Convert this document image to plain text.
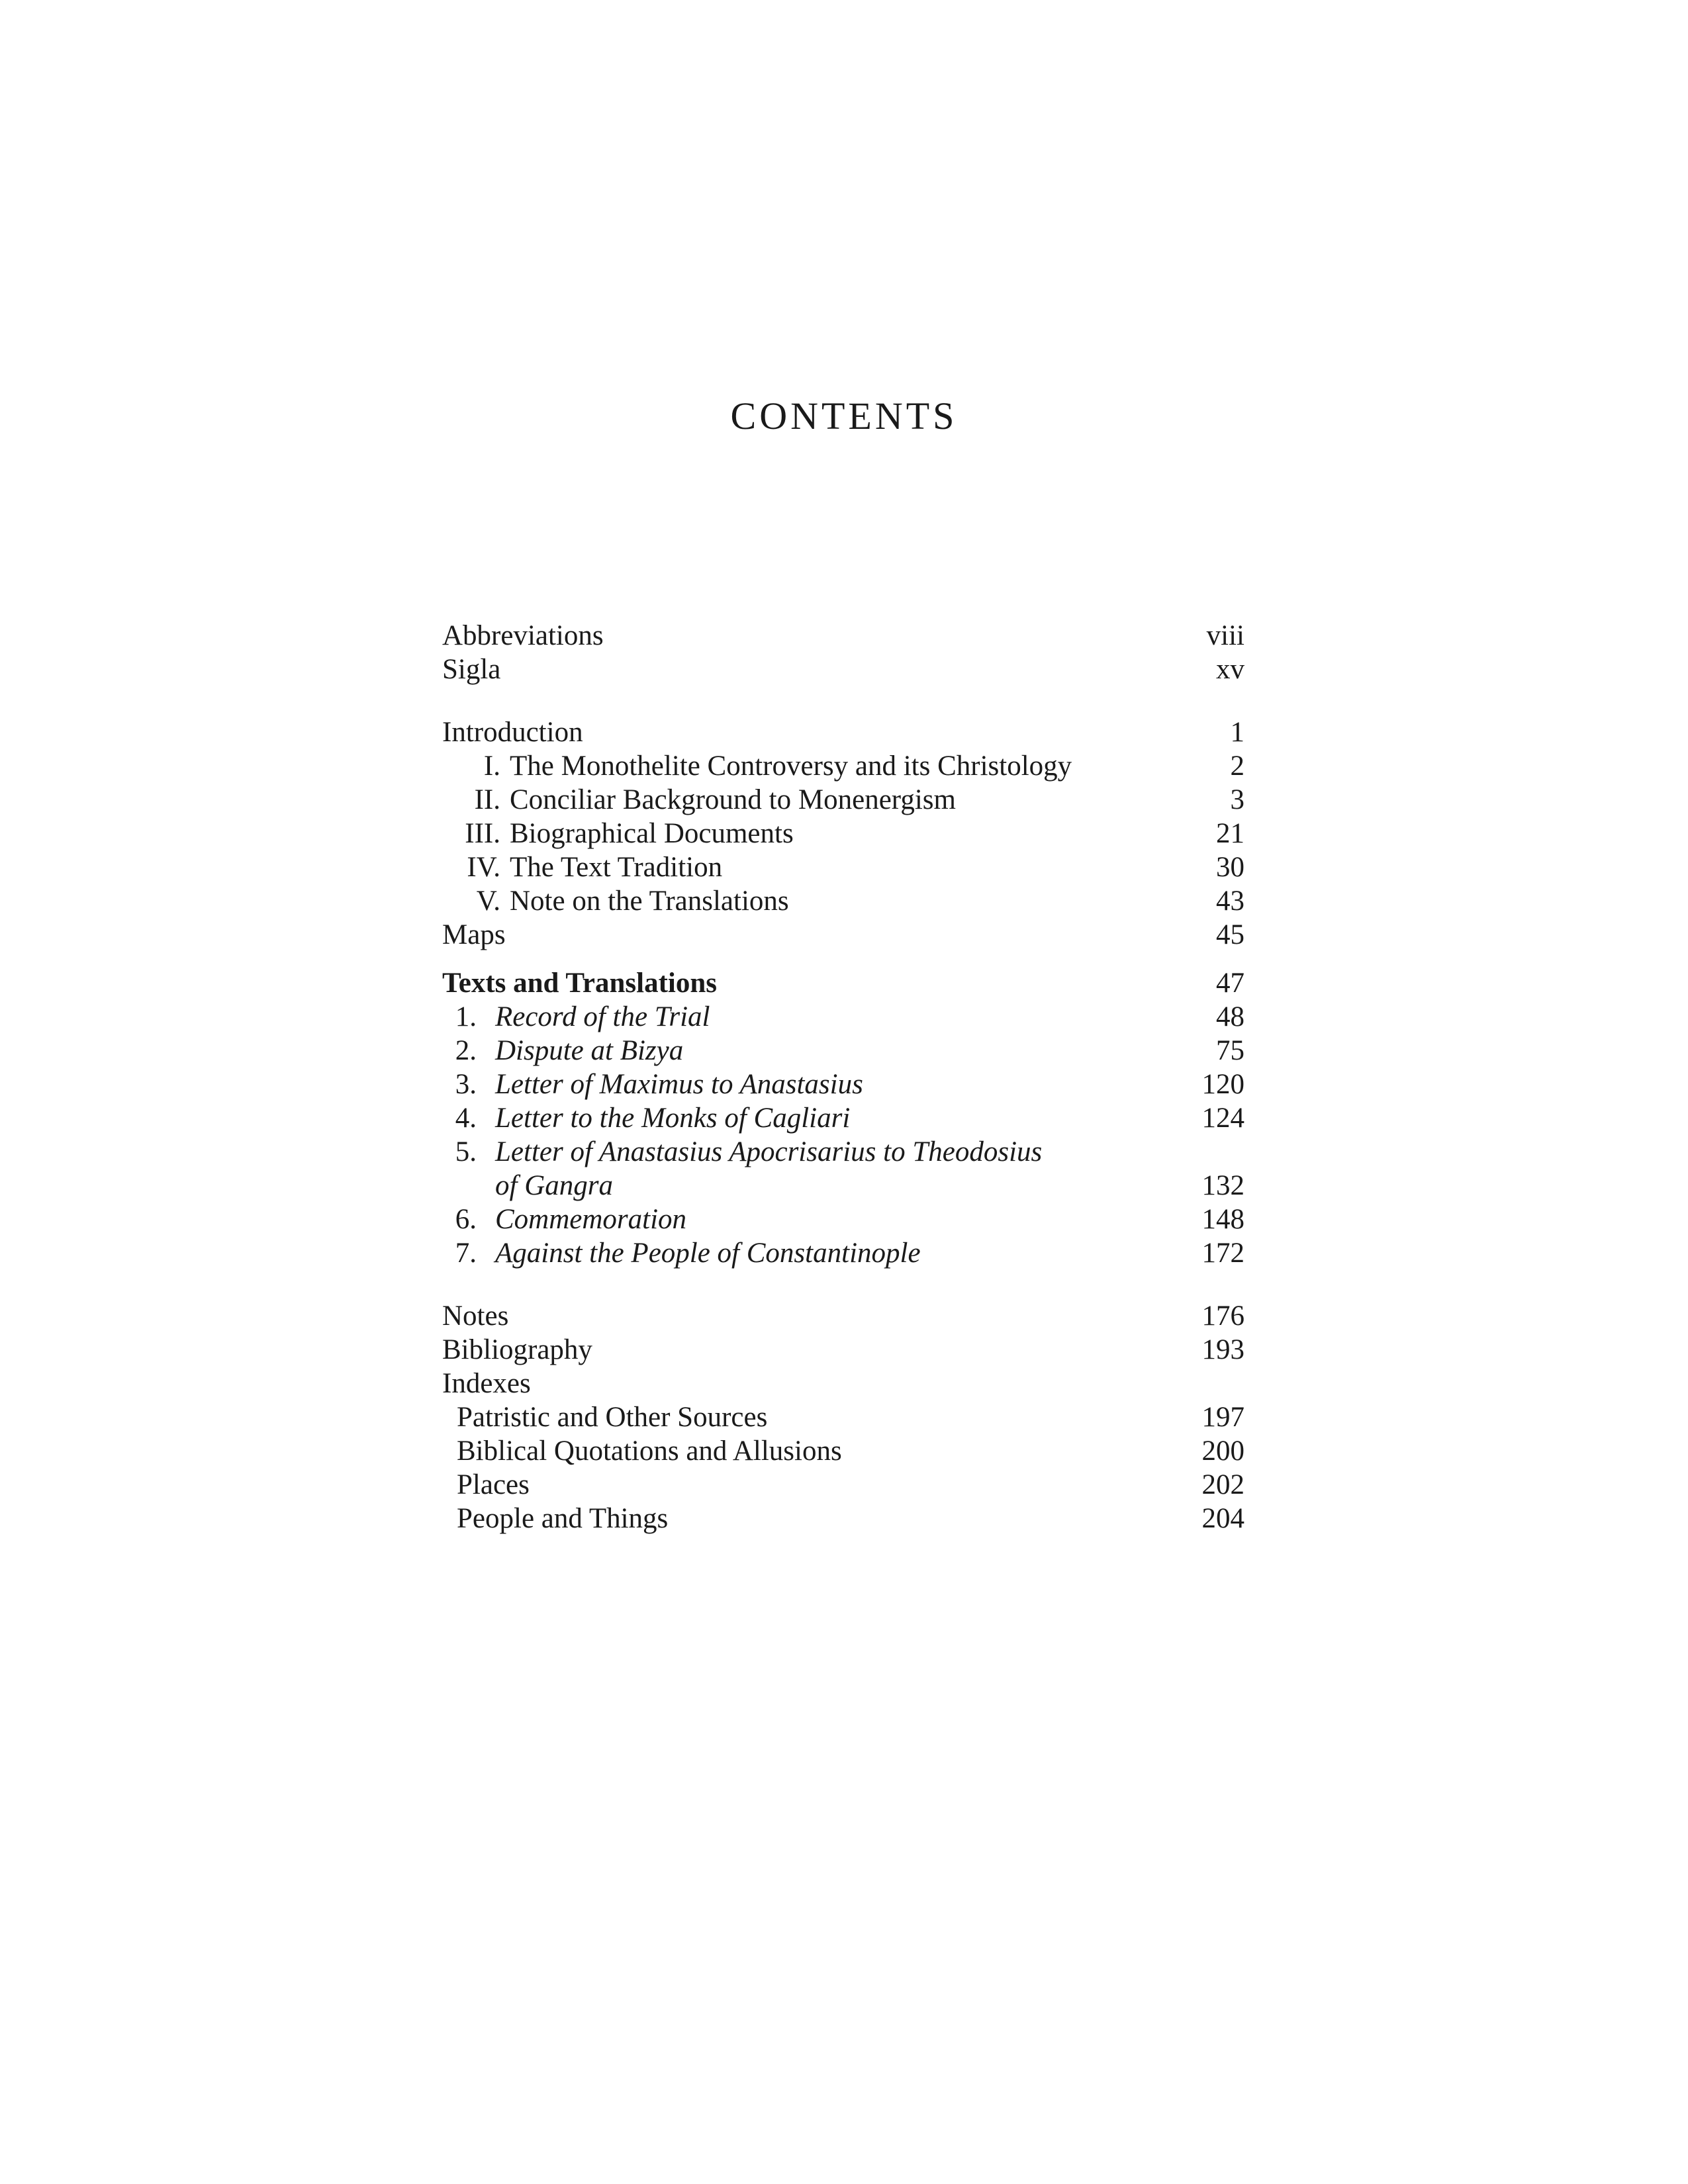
CONTENTS
Abbreviations	viii
Sigla	xv
Introduction	1
I. The Monothelite Controversy and its Christology	2
II. Conciliar Background to Monenergism	3
III. Biographical Documents	21
IV. The Text Tradition	30
V. Note on the Translations	43
Maps	45
Texts and Translations	47
1. Record of the Trial	48
2. Dispute at Bizya	75
3. Letter of Maximus to Anastasius	120
4. Letter to the Monks of Cagliari	124
5. Letter of Anastasius Apocrisarius to Theodosius
of Gangra	132
6. Commemoration	148
7. Against the People of Constantinople	172
Notes	176
Bibliography	193
Indexes
Patristic and Other Sources	197
Biblical Quotations and Allusions	200
Places	202
People and Things	204
